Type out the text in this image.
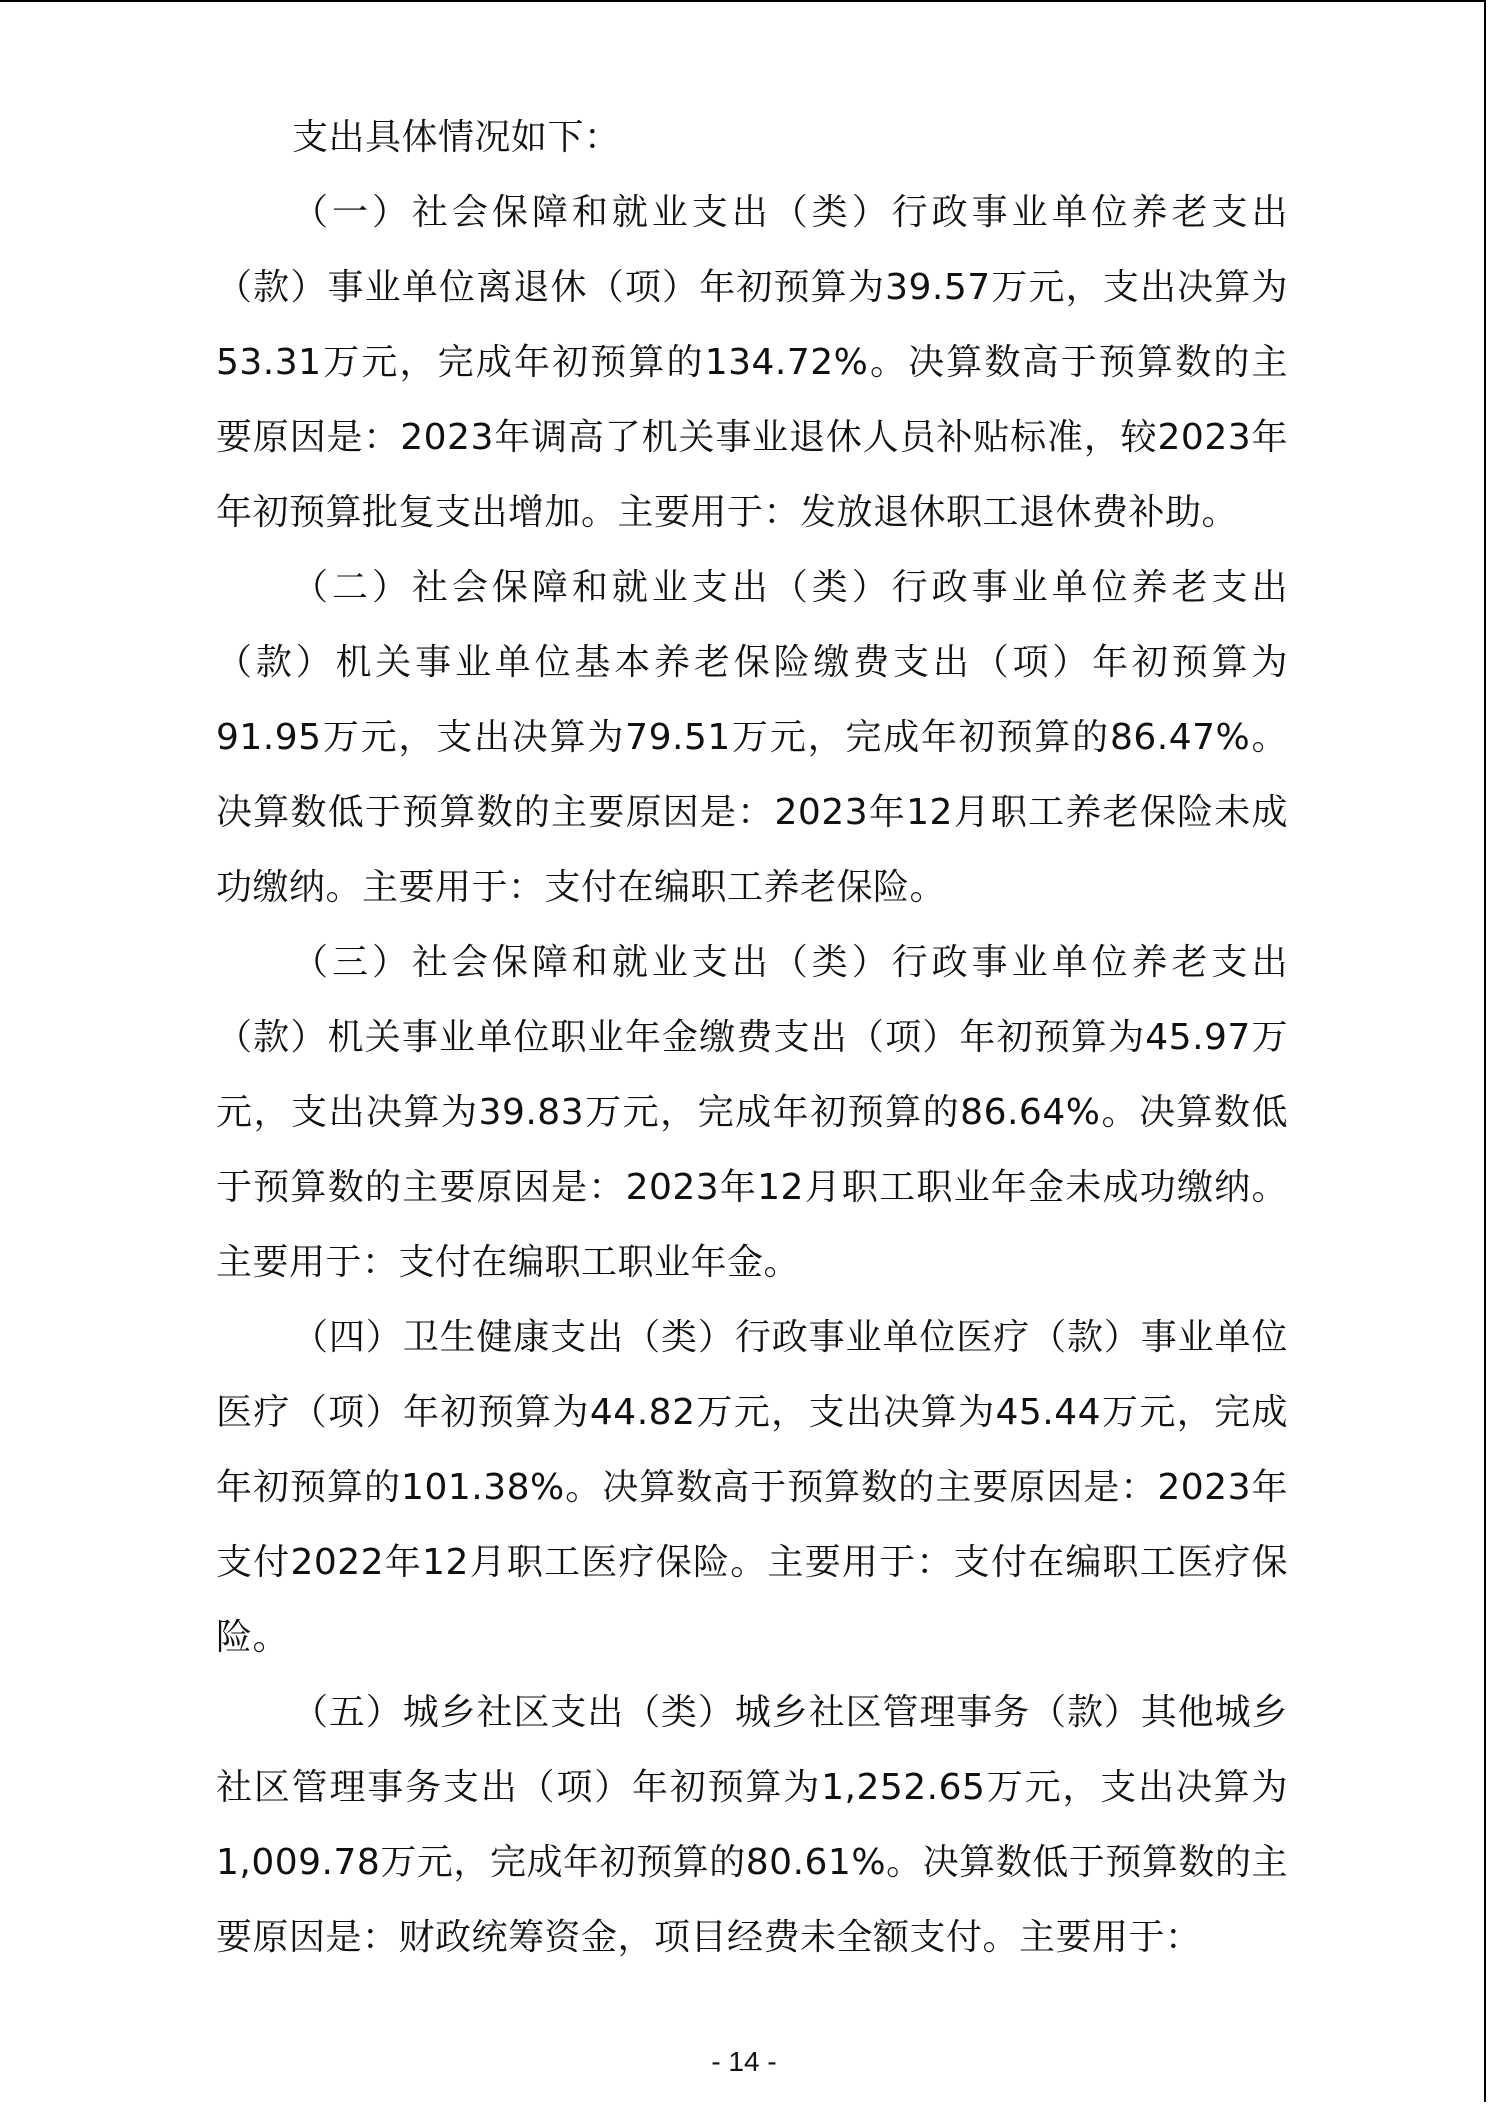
支出具体情况如下：

（一）社会保障和就业支出（类）行政事业单位养老支出（款）事业单位离退休（项）年初预算为39.57万元，支出决算为53.31万元，完成年初预算的134.72%。决算数高于预算数的主要原因是：2023年调高了机关事业退休人员补贴标准，较2023年年初预算批复支出增加。主要用于：发放退休职工退休费补助。

（二）社会保障和就业支出（类）行政事业单位养老支出（款）机关事业单位基本养老保险缴费支出（项）年初预算为91.95万元，支出决算为79.51万元，完成年初预算的86.47%。决算数低于预算数的主要原因是：2023年12月职工养老保险未成功缴纳。主要用于：支付在编职工养老保险。

（三）社会保障和就业支出（类）行政事业单位养老支出（款）机关事业单位职业年金缴费支出（项）年初预算为45.97万元，支出决算为39.83万元，完成年初预算的86.64%。决算数低于预算数的主要原因是：2023年12月职工职业年金未成功缴纳。主要用于：支付在编职工职业年金。

（四）卫生健康支出（类）行政事业单位医疗（款）事业单位医疗（项）年初预算为44.82万元，支出决算为45.44万元，完成年初预算的101.38%。决算数高于预算数的主要原因是：2023年支付2022年12月职工医疗保险。主要用于：支付在编职工医疗保险。

（五）城乡社区支出（类）城乡社区管理事务（款）其他城乡社区管理事务支出（项）年初预算为1,252.65万元，支出决算为1,009.78万元，完成年初预算的80.61%。决算数低于预算数的主要原因是：财政统筹资金，项目经费未全额支付。主要用于：

- 14 -
